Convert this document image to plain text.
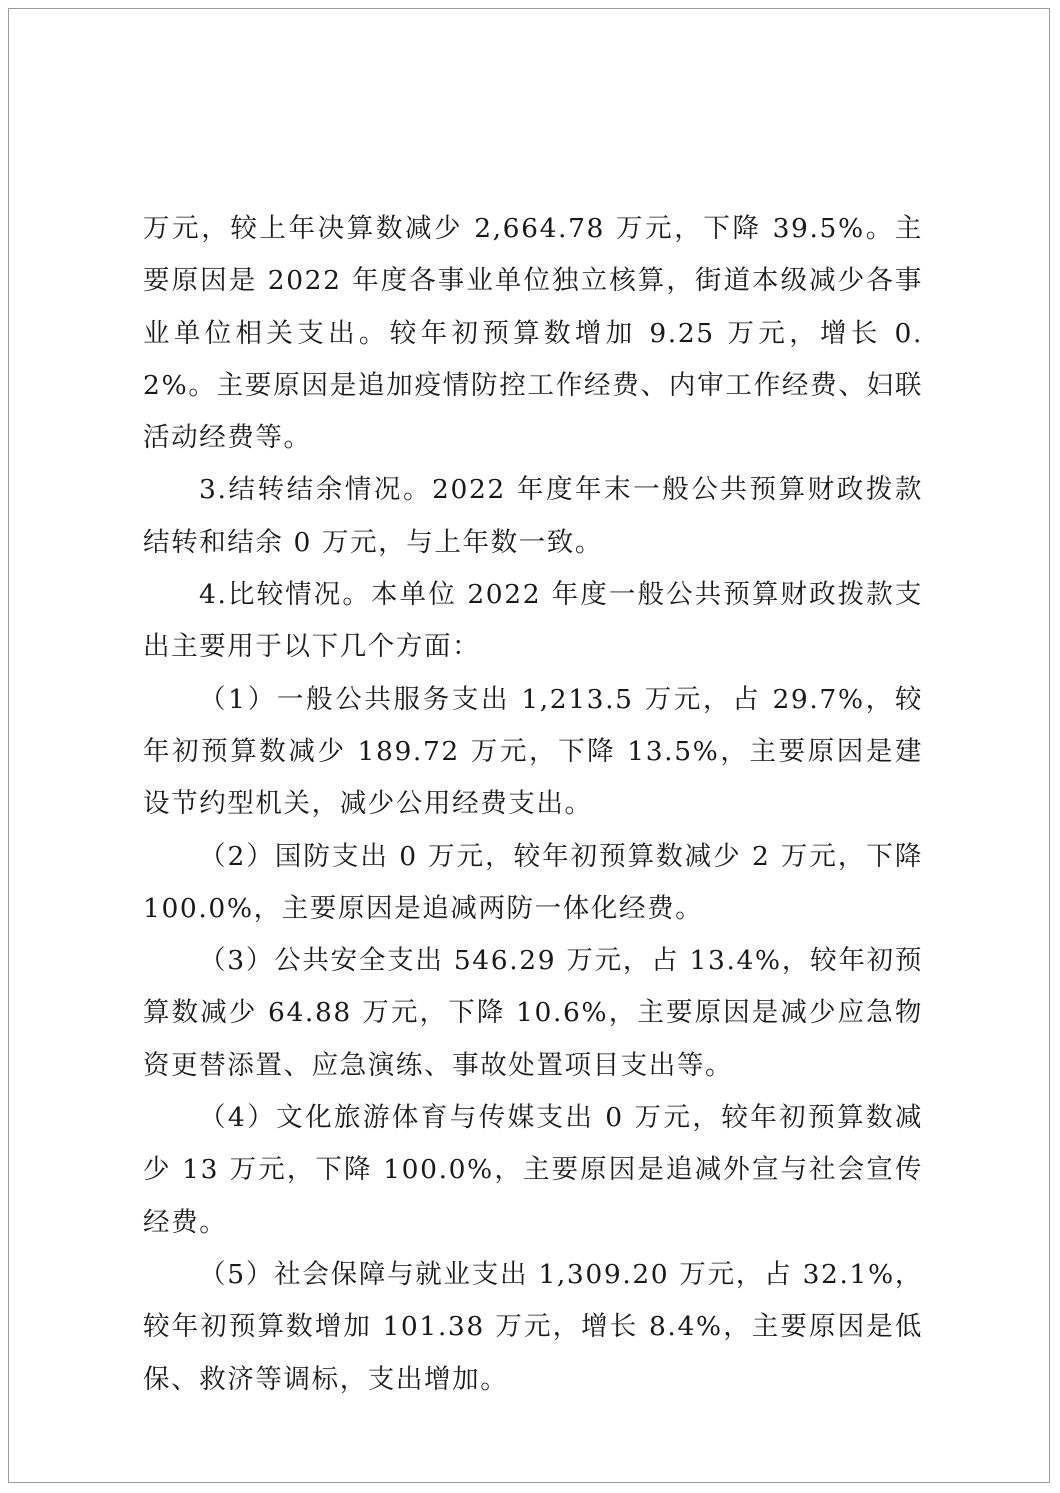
万元，较上年决算数减少 2,664.78 万元，下降 39.5%。主要原因是 2022 年度各事业单位独立核算，街道本级减少各事业单位相关支出。较年初预算数增加 9.25 万元，增长 0.2%。主要原因是追加疫情防控工作经费、内审工作经费、妇联活动经费等。

3.结转结余情况。2022 年度年末一般公共预算财政拨款结转和结余 0 万元，与上年数一致。

4.比较情况。本单位 2022 年度一般公共预算财政拨款支出主要用于以下几个方面：

（1）一般公共服务支出 1,213.5 万元，占 29.7%，较年初预算数减少 189.72 万元，下降 13.5%，主要原因是建设节约型机关，减少公用经费支出。

（2）国防支出 0 万元，较年初预算数减少 2 万元，下降 100.0%，主要原因是追减两防一体化经费。

（3）公共安全支出 546.29 万元，占 13.4%，较年初预算数减少 64.88 万元，下降 10.6%，主要原因是减少应急物资更替添置、应急演练、事故处置项目支出等。

（4）文化旅游体育与传媒支出 0 万元，较年初预算数减少 13 万元，下降 100.0%，主要原因是追减外宣与社会宣传经费。

（5）社会保障与就业支出 1,309.20 万元，占 32.1%，较年初预算数增加 101.38 万元，增长 8.4%，主要原因是低保、救济等调标，支出增加。
